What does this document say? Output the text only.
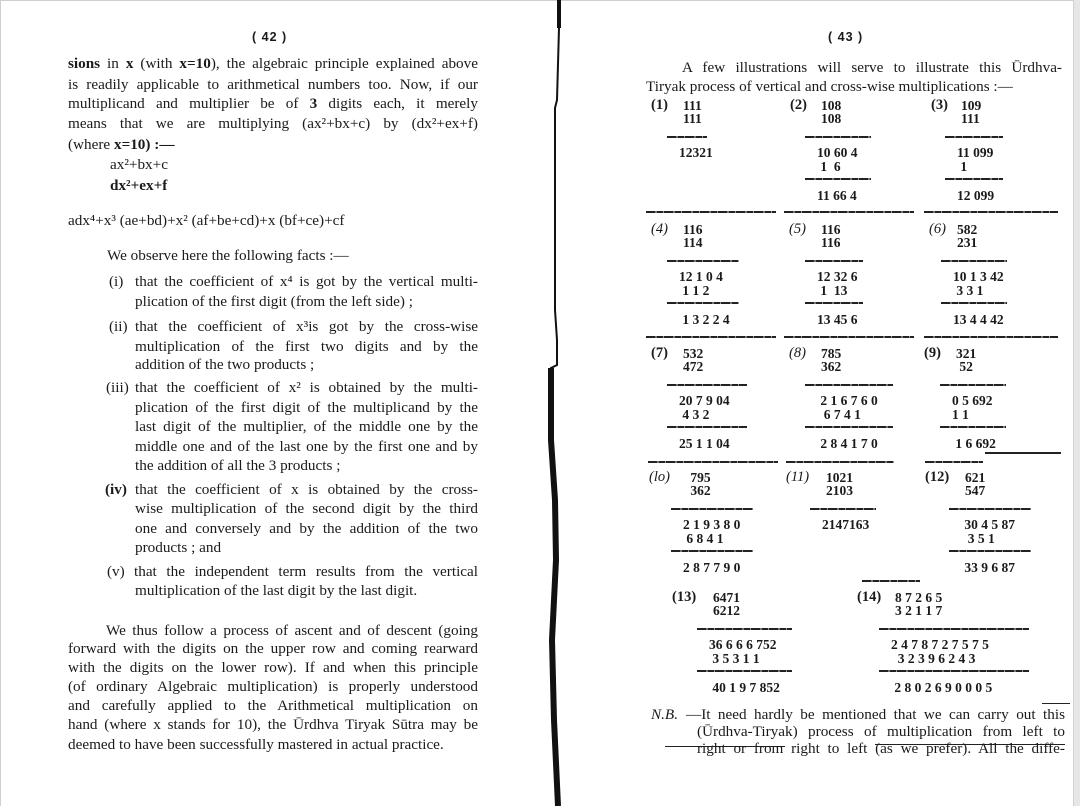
( 42 )
sions in x (with x=10), the algebraic principle explained above
is readily applicable to arithmetical numbers too. Now, if our
multiplicand and multiplier be of 3 digits each, it merely
means that we are multiplying (ax²+bx+c) by (dx²+ex+f)
(where x=10) :—
ax²+bx+c
dx²+ex+f
adx⁴+x³ (ae+bd)+x² (af+be+cd)+x (bf+ce)+cf
We observe here the following facts :—
(i) that the coefficient of x⁴ is got by the vertical multi-
plication of the first digit (from the left side) ;
(ii) that the coefficient of x³is got by the cross-wise
multiplication of the first two digits and by the
addition of the two products ;
(iii) that the coefficient of x² is obtained by the multi-
plication of the first digit of the multiplicand by the
last digit of the multiplier, of the middle one by the
middle one and of the last one by the first one and by
the addition of all the 3 products ;
(iv) that the coefficient of x is obtained by the cross-
wise multiplication of the second digit by the third
one and conversely and by the addition of the two
products ; and
(v) that the independent term results from the vertical
multiplication of the last digit by the last digit.
We thus follow a process of ascent and of descent (going
forward with the digits on the upper row and coming rearward
with the digits on the lower row). If and when this principle
(of ordinary Algebraic multiplication) is properly understood
and carefully applied to the Arithmetical multiplication on
hand (where x stands for 10), the Ūrdhva Tiryak Sūtra may be
deemed to have been successfully mastered in actual practice.
( 43 )
A few illustrations will serve to illustrate this Ūrdhva-
Tiryak process of vertical and cross-wise multiplications :—
(1) 111
111
12321
(2) 108
108
10 60 4
1  6
11 66 4
(3) 109
111
11 099
1
12 099
(4) 116
114
12 1 0 4
1 1 2
1 3 2 2 4
(5) 116
116
12 32 6
1  13
13 45 6
(6) 582
231
10 1 3 42
3 3 1
13 4 4 42
(7) 532
472
20 7 9 04
4 3 2
25 1 1 04
(8) 785
362
2 1 6 7 6 0
6 7 4 1
2 8 4 1 7 0
(9) 321
52
0 5 692
1 1
1 6 692
(lo) 795
362
2 1 9 3 8 0
6 8 4 1
2 8 7 7 9 0
(11) 1021
2103
2147163
(12) 621
547
30 4 5 87
3 5 1
33 9 6 87
(13) 6471
6212
36 6 6 6 752
3 5 3 1 1
40 1 9 7 852
(14) 8 7 2 6 5
3 2 1 1 7
2 4 7 8 7 2 7 5 7 5
3 2 3 9 6 2 4 3
2 8 0 2 6 9 0 0 0 5
N.B. —It need hardly be mentioned that we can carry out this
(Ūrdhva-Tiryak) process of multiplication from left to
right or from right to left (as we prefer). All the diffe-
